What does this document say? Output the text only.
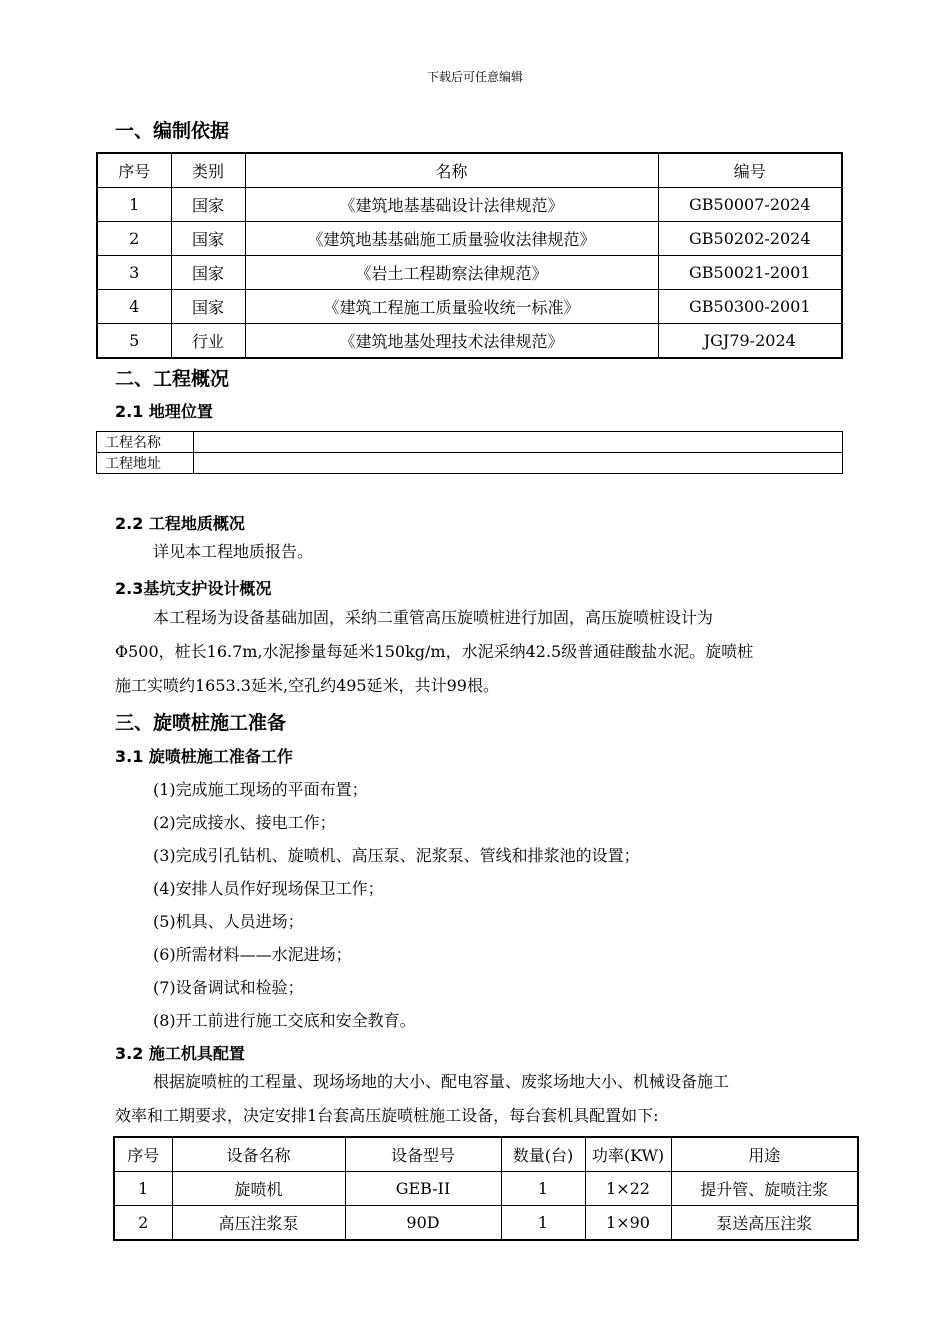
下载后可任意编辑
一、编制依据
序号	类别	名称	编号
1	国家	《建筑地基基础设计法律规范》	GB50007-2024
2	国家	《建筑地基基础施工质量验收法律规范》	GB50202-2024
3	国家	《岩土工程勘察法律规范》	GB50021-2001
4	国家	《建筑工程施工质量验收统一标准》	GB50300-2001
5	行业	《建筑地基处理技术法律规范》	JGJ79-2024
二、工程概况
2.1 地理位置
工程名称	
工程地址	
2.2 工程地质概况
详见本工程地质报告。
2.3基坑支护设计概况
本工程场为设备基础加固，采纳二重管高压旋喷桩进行加固，高压旋喷桩设计为
Φ500，桩长16.7m,水泥掺量每延米150kg/m，水泥采纳42.5级普通硅酸盐水泥。旋喷桩
施工实喷约1653.3延米,空孔约495延米，共计99根。
三、旋喷桩施工准备
3.1 旋喷桩施工准备工作
(1)完成施工现场的平面布置；
(2)完成接水、接电工作；
(3)完成引孔钻机、旋喷机、高压泵、泥浆泵、管线和排浆池的设置；
(4)安排人员作好现场保卫工作；
(5)机具、人员进场；
(6)所需材料——水泥进场；
(7)设备调试和检验；
(8)开工前进行施工交底和安全教育。
3.2 施工机具配置
根据旋喷桩的工程量、现场场地的大小、配电容量、废浆场地大小、机械设备施工
效率和工期要求，决定安排1台套高压旋喷桩施工设备，每台套机具配置如下:
序号	设备名称	设备型号	数量(台)	功率(KW)	用途
1	旋喷机	GEB-II	1	1×22	提升管、旋喷注浆
2	高压注浆泵	90D	1	1×90	泵送高压注浆
